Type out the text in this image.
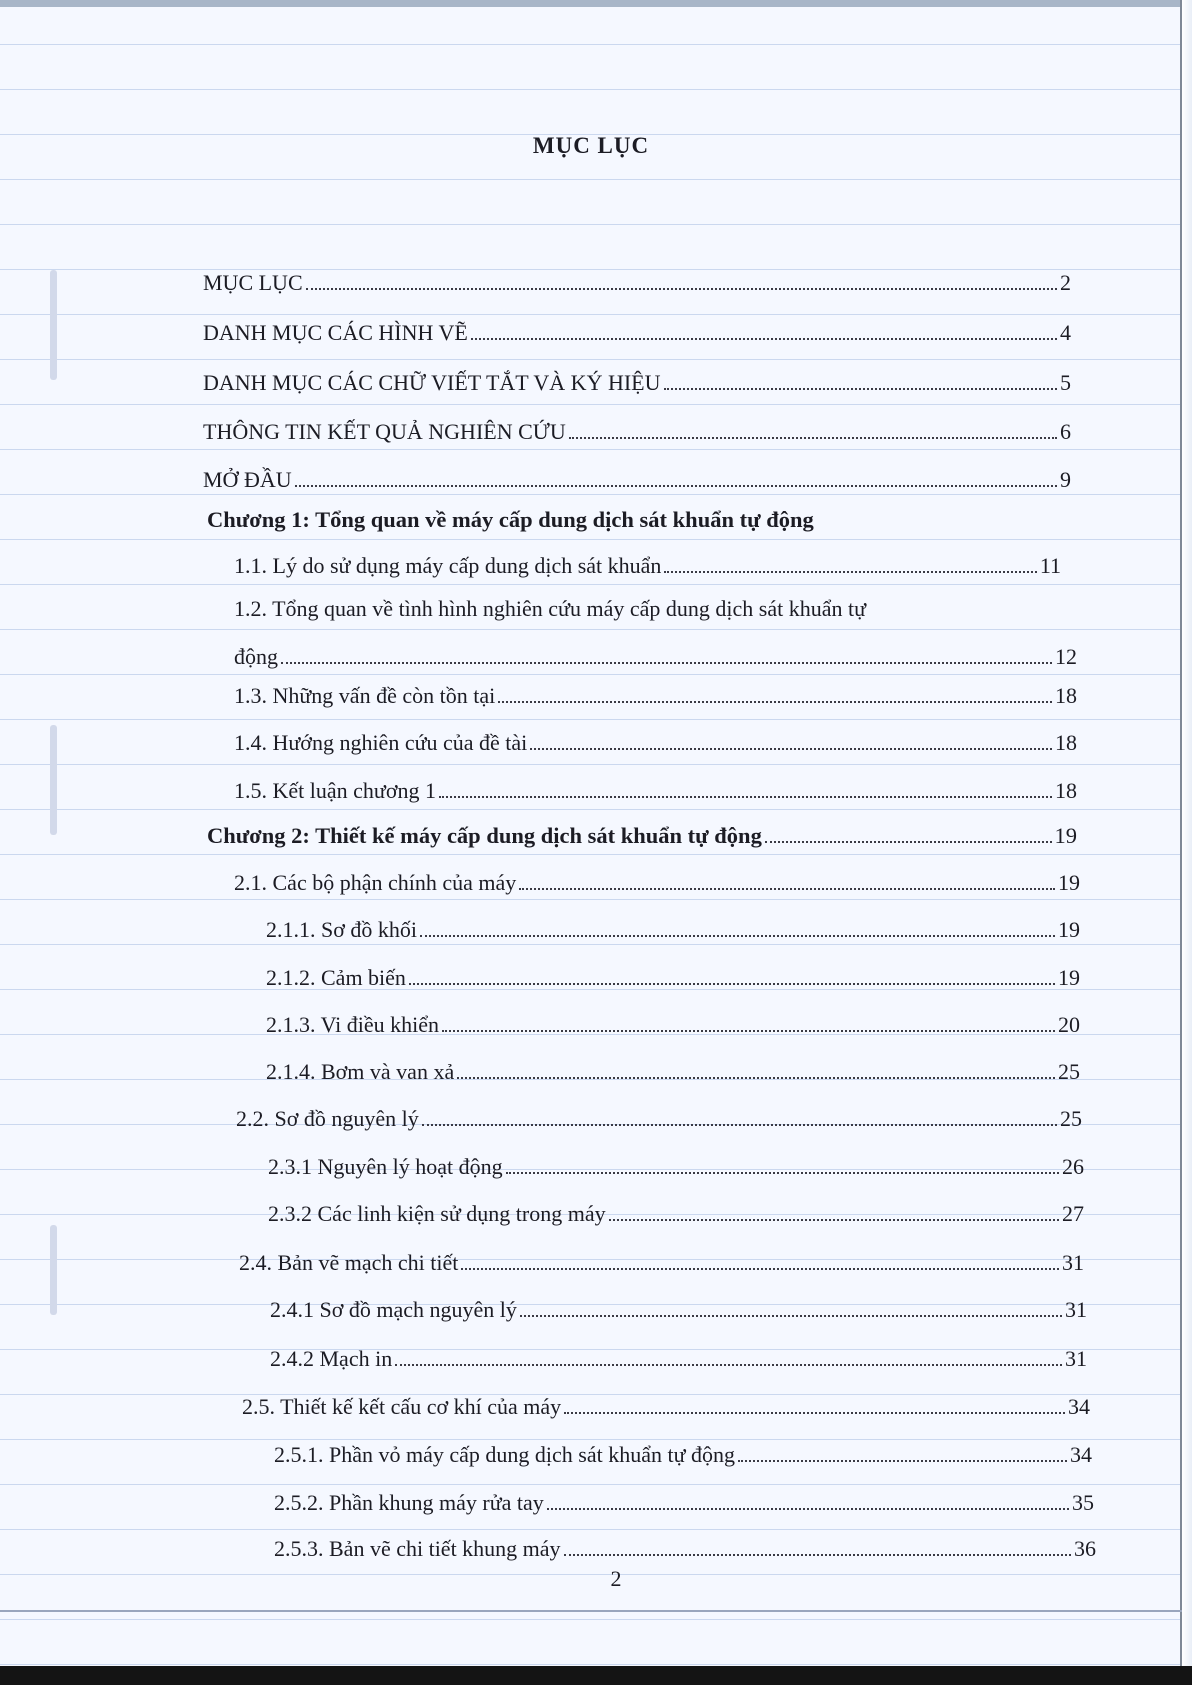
MỤC LỤC
MỤC LỤC	2
DANH MỤC CÁC HÌNH VẼ	4
DANH MỤC CÁC CHỮ VIẾT TẮT VÀ KÝ HIỆU	5
THÔNG TIN KẾT QUẢ NGHIÊN CỨU	6
MỞ ĐẦU	9
Chương 1: Tổng quan về máy cấp dung dịch sát khuẩn tự động
1.1. Lý do sử dụng máy cấp dung dịch sát khuẩn	11
1.2. Tổng quan về tình hình nghiên cứu máy cấp dung dịch sát khuẩn tự
động	12
1.3. Những vấn đề còn tồn tại	18
1.4. Hướng nghiên cứu của đề tài	18
1.5. Kết luận chương 1	18
Chương 2: Thiết kế máy cấp dung dịch sát khuẩn tự động	19
2.1. Các bộ phận chính của máy	19
2.1.1. Sơ đồ khối	19
2.1.2. Cảm biến	19
2.1.3. Vi điều khiển	20
2.1.4. Bơm và van xả	25
2.2. Sơ đồ nguyên lý	25
2.3.1 Nguyên lý hoạt động	26
2.3.2 Các linh kiện sử dụng trong máy	27
2.4. Bản vẽ mạch chi tiết	31
2.4.1 Sơ đồ mạch nguyên lý	31
2.4.2 Mạch in	31
2.5. Thiết kế kết cấu cơ khí của máy	34
2.5.1. Phần vỏ máy cấp dung dịch sát khuẩn tự động	34
2.5.2. Phần khung máy rửa tay	35
2.5.3. Bản vẽ chi tiết khung máy	36
2
